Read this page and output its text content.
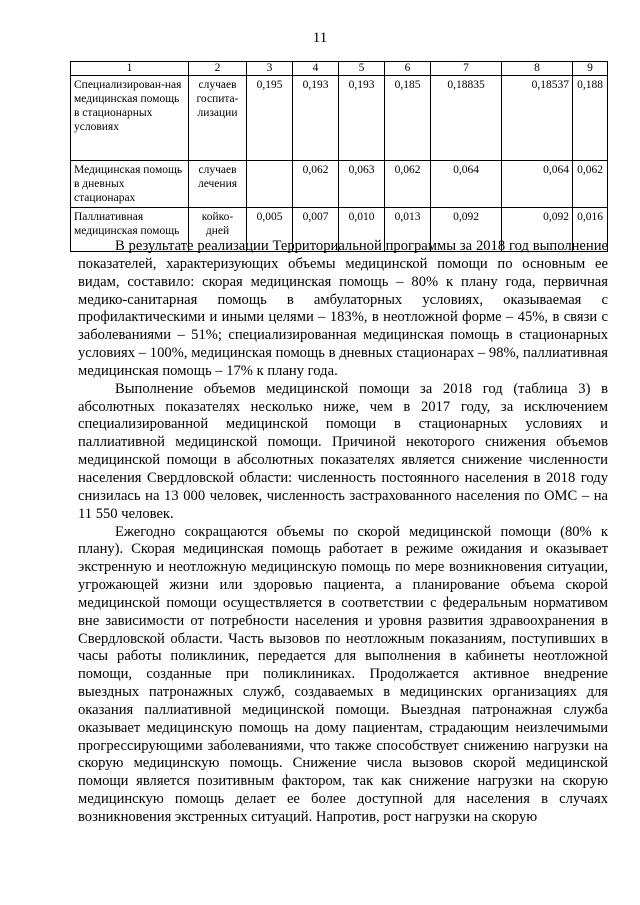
11
1	2	3	4	5	6	7	8	9
Специализирован-ная медицинская помощь в стационарных условиях	случаев госпита-лизации	0,195	0,193	0,193	0,185	0,18835	0,18537	0,188
Медицинская помощь в дневных стационарах	случаев лечения		0,062	0,063	0,062	0,064	0,064	0,062
Паллиативная медицинская помощь	койко-дней	0,005	0,007	0,010	0,013	0,092	0,092	0,016

В результате реализации Территориальной программы за 2018 год выполнение показателей, характеризующих объемы медицинской помощи по основным ее видам, составило: скорая медицинская помощь – 80% к плану года, первичная медико-санитарная помощь в амбулаторных условиях, оказываемая с профилактическими и иными целями – 183%, в неотложной форме – 45%, в связи с заболеваниями – 51%; специализированная медицинская помощь в стационарных условиях – 100%, медицинская помощь в дневных стационарах – 98%, паллиативная медицинская помощь – 17% к плану года.

Выполнение объемов медицинской помощи за 2018 год (таблица 3) в абсолютных показателях несколько ниже, чем в 2017 году, за исключением специализированной медицинской помощи в стационарных условиях и паллиативной медицинской помощи. Причиной некоторого снижения объемов медицинской помощи в абсолютных показателях является снижение численности населения Свердловской области: численность постоянного населения в 2018 году снизилась на 13 000 человек, численность застрахованного населения по ОМС – на 11 550 человек.

Ежегодно сокращаются объемы по скорой медицинской помощи (80% к плану). Скорая медицинская помощь работает в режиме ожидания и оказывает экстренную и неотложную медицинскую помощь по мере возникновения ситуации, угрожающей жизни или здоровью пациента, а планирование объема скорой медицинской помощи осуществляется в соответствии с федеральным нормативом вне зависимости от потребности населения и уровня развития здравоохранения в Свердловской области. Часть вызовов по неотложным показаниям, поступивших в часы работы поликлиник, передается для выполнения в кабинеты неотложной помощи, созданные при поликлиниках. Продолжается активное внедрение выездных патронажных служб, создаваемых в медицинских организациях для оказания паллиативной медицинской помощи. Выездная патронажная служба оказывает медицинскую помощь на дому пациентам, страдающим неизлечимыми прогрессирующими заболеваниями, что также способствует снижению нагрузки на скорую медицинскую помощь. Снижение числа вызовов скорой медицинской помощи является позитивным фактором, так как снижение нагрузки на скорую медицинскую помощь делает ее более доступной для населения в случаях возникновения экстренных ситуаций. Напротив, рост нагрузки на скорую
